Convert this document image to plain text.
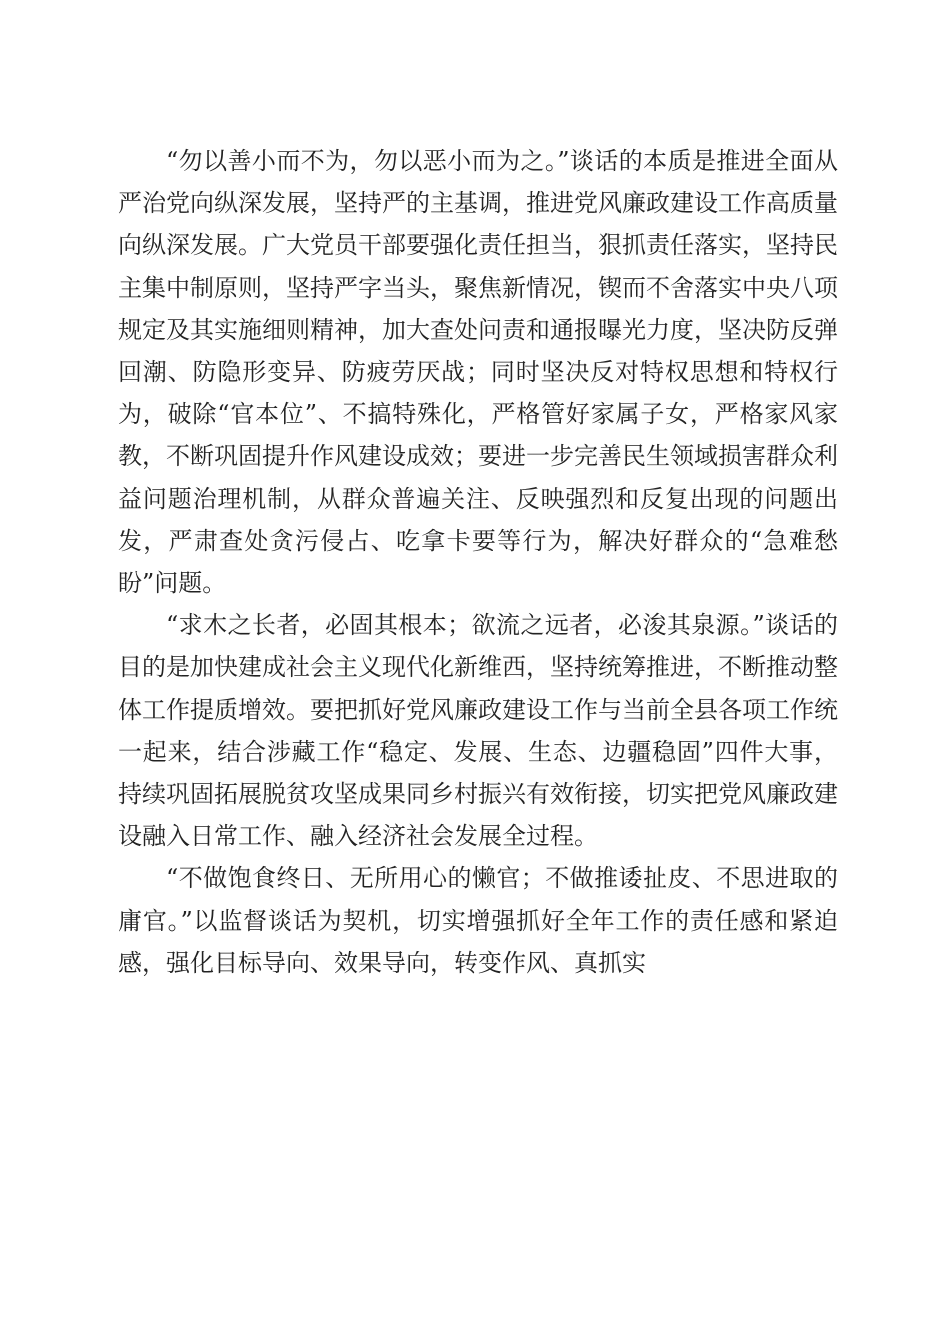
“勿以善小而不为，勿以恶小而为之。”谈话的本质是推进全面从严治党向纵深发展，坚持严的主基调，推进党风廉政建设工作高质量向纵深发展。广大党员干部要强化责任担当，狠抓责任落实，坚持民主集中制原则，坚持严字当头，聚焦新情况，锲而不舍落实中央八项规定及其实施细则精神，加大查处问责和通报曝光力度，坚决防反弹回潮、防隐形变异、防疲劳厌战；同时坚决反对特权思想和特权行为，破除“官本位”、不搞特殊化，严格管好家属子女，严格家风家教，不断巩固提升作风建设成效；要进一步完善民生领域损害群众利益问题治理机制，从群众普遍关注、反映强烈和反复出现的问题出发，严肃查处贪污侵占、吃拿卡要等行为，解决好群众的“急难愁盼”问题。

“求木之长者，必固其根本；欲流之远者，必浚其泉源。”谈话的目的是加快建成社会主义现代化新维西，坚持统筹推进，不断推动整体工作提质增效。要把抓好党风廉政建设工作与当前全县各项工作统一起来，结合涉藏工作“稳定、发展、生态、边疆稳固”四件大事，持续巩固拓展脱贫攻坚成果同乡村振兴有效衔接，切实把党风廉政建设融入日常工作、融入经济社会发展全过程。

“不做饱食终日、无所用心的懒官；不做推诿扯皮、不思进取的庸官。”以监督谈话为契机，切实增强抓好全年工作的责任感和紧迫感，强化目标导向、效果导向，转变作风、真抓实
